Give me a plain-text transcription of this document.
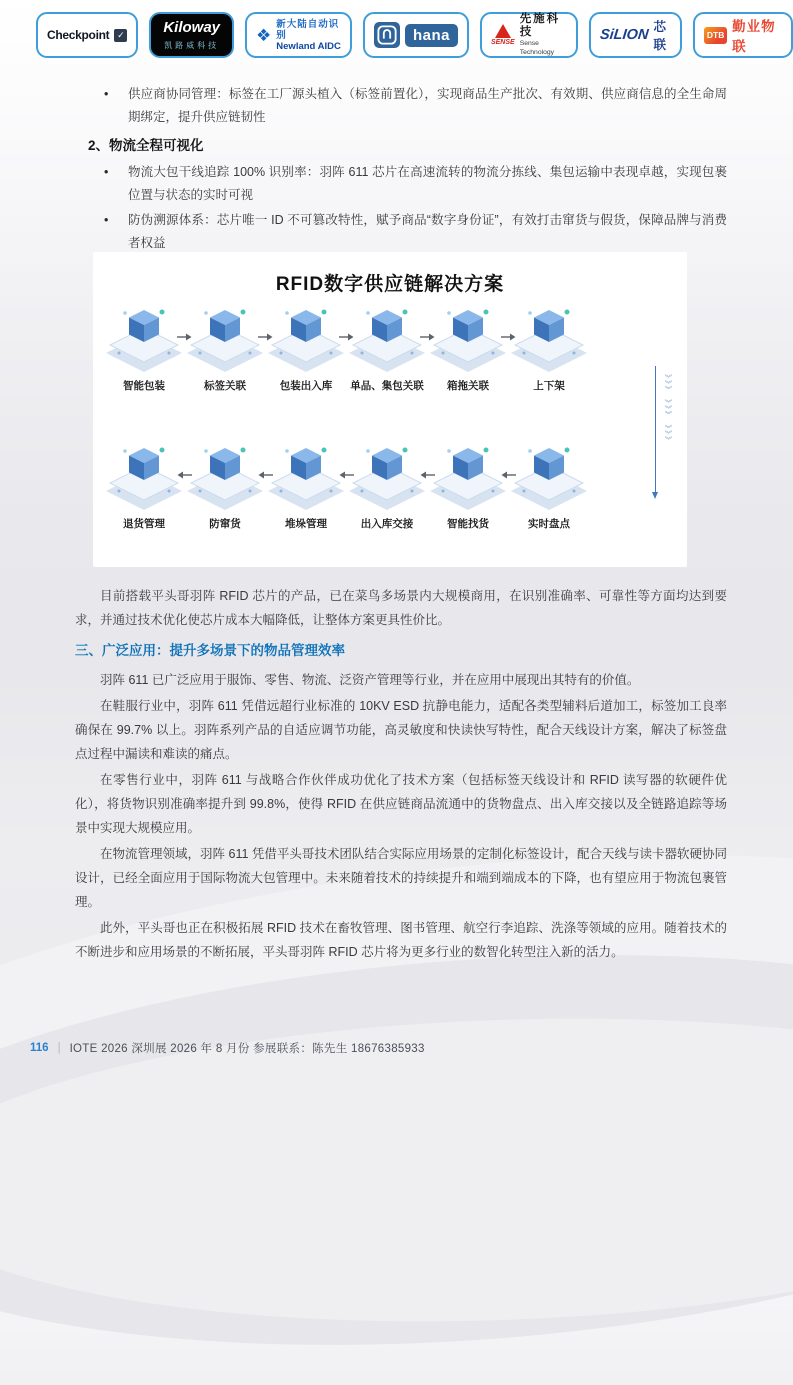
Checkpoint ✓	Kiloway
凯路威科技
❖
新大陆自动识别
Newland AIDC
hana	SENSE
先施科技
Sense Technology
SiLION 芯联
DTB
勤业物联
•	供应商协同管理：标签在工厂源头植入（标签前置化），实现商品生产批次、有效期、供应商信息的全生命周期绑定，提升供应链韧性
2、物流全程可视化
•	物流大包干线追踪 100% 识别率：羽阵 611 芯片在高速流转的物流分拣线、集包运输中表现卓越，实现包裹位置与状态的实时可视
•	防伪溯源体系：芯片唯一 ID 不可篡改特性，赋予商品“数字身份证”，有效打击窜货与假货，保障品牌与消费者权益
RFID数字供应链解决方案
智能包装	标签关联	包装出入库 单品、集包关联 箱拖关联	上下架	》》》 》》》 》》》
退货管理	防窜货	堆垛管理	出入库交接	智能找货	实时盘点

目前搭载平头哥羽阵 RFID 芯片的产品，已在菜鸟多场景内大规模商用，在识别准确率、可靠性等方面均达到要求，并通过技术优化使芯片成本大幅降低，让整体方案更具性价比。

三、广泛应用：提升多场景下的物品管理效率

羽阵 611 已广泛应用于服饰、零售、物流、泛资产管理等行业，并在应用中展现出其特有的价值。

在鞋服行业中，羽阵 611 凭借远超行业标准的 10KV ESD 抗静电能力，适配各类型辅料后道加工，标签加工良率确保在 99.7% 以上。羽阵系列产品的自适应调节功能，高灵敏度和快读快写特性，配合天线设计方案，解决了标签盘点过程中漏读和难读的痛点。

在零售行业中，羽阵 611 与战略合作伙伴成功优化了技术方案（包括标签天线设计和 RFID 读写器的软硬件优化），将货物识别准确率提升到 99.8%，使得 RFID 在供应链商品流通中的货物盘点、出入库交接以及全链路追踪等场景中实现大规模应用。

在物流管理领域，羽阵 611 凭借平头哥技术团队结合实际应用场景的定制化标签设计，配合天线与读卡器软硬协同设计，已经全面应用于国际物流大包管理中。未来随着技术的持续提升和端到端成本的下降，也有望应用于物流包裹管理。

此外，平头哥也正在积极拓展 RFID 技术在畜牧管理、图书管理、航空行李追踪、洗涤等领域的应用。随着技术的不断进步和应用场景的不断拓展，平头哥羽阵 RFID 芯片将为更多行业的数智化转型注入新的活力。

116 | IOTE 2026 深圳展 2026 年 8 月份 参展联系：陈先生 18676385933
